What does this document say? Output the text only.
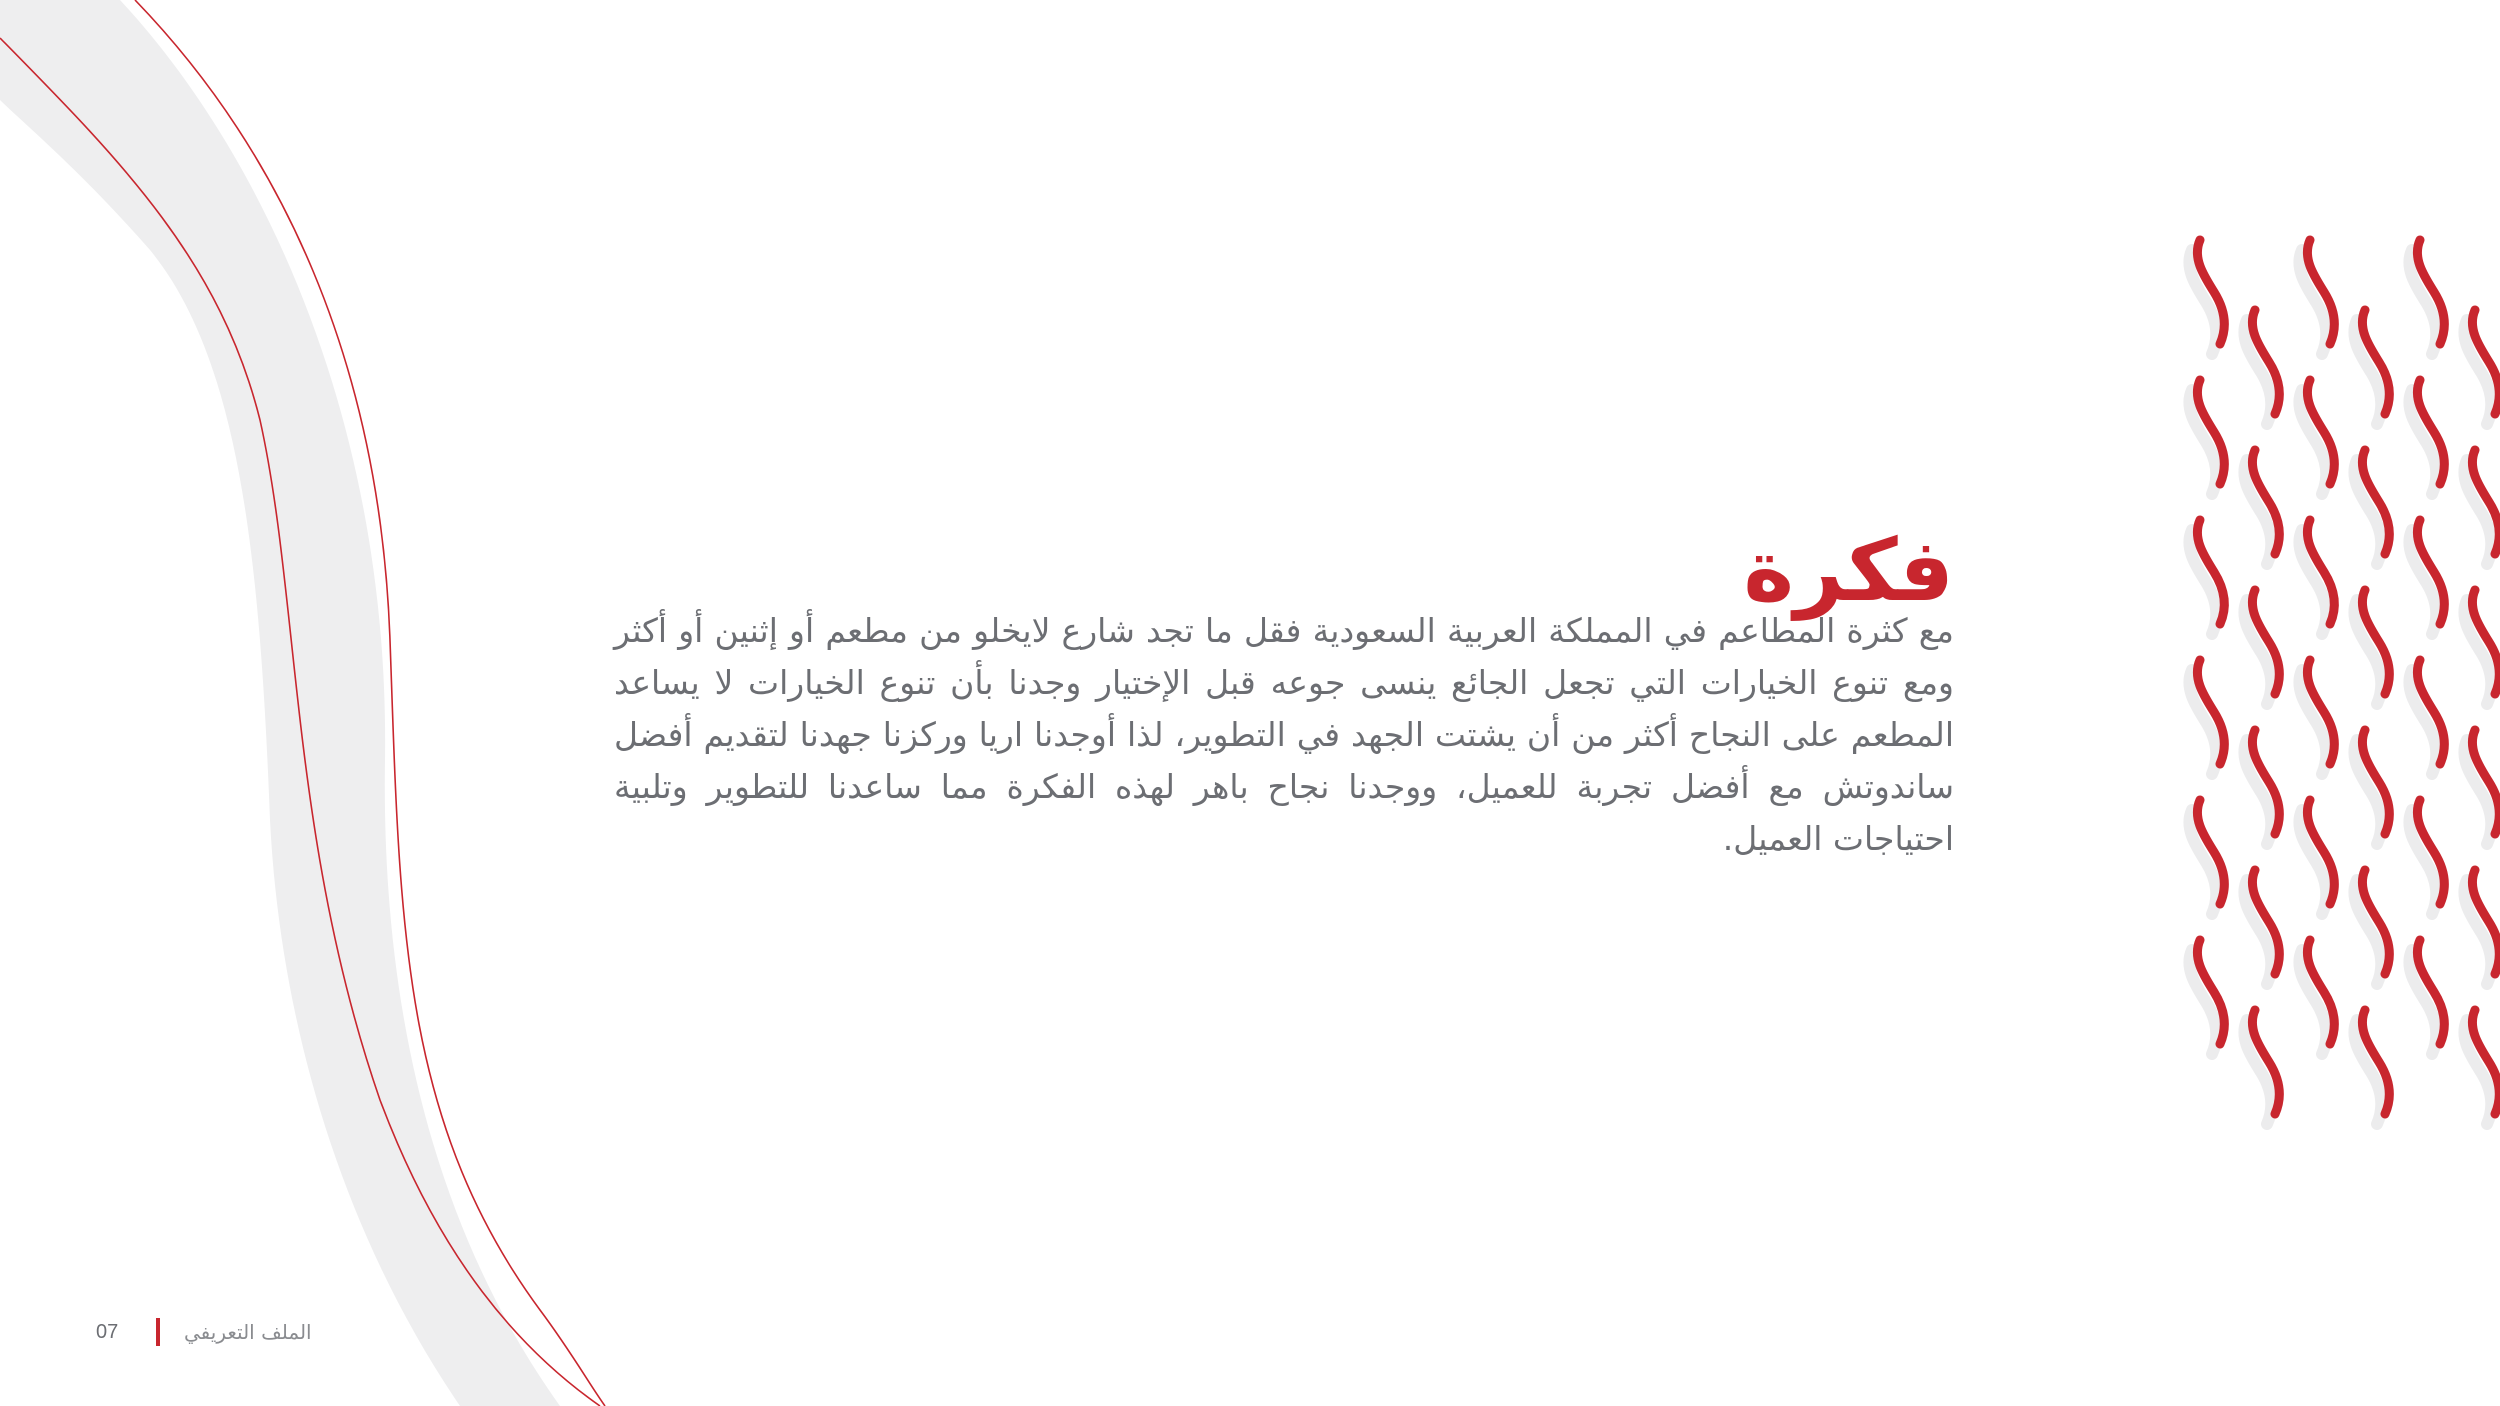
فكرة

مع كثرة المطاعم في المملكة العربية السعودية فقل ما تجد شارع لايخلو من مطعم أو إثنين أو أكثر ومع تنوع الخيارات التي تجعل الجائع ينسى جوعه قبل الإختيار وجدنا بأن تنوع الخيارات لا يساعد المطعم على النجاح أكثر من أن يشتت الجهد في التطوير، لذا أوجدنا اريا وركزنا جهدنا لتقديم أفضل ساندوتش مع أفضل تجربة للعميل، ووجدنا نجاح باهر لهذه الفكرة مما ساعدنا للتطوير وتلبية احتياجات العميل.

07	الملف التعريفي
